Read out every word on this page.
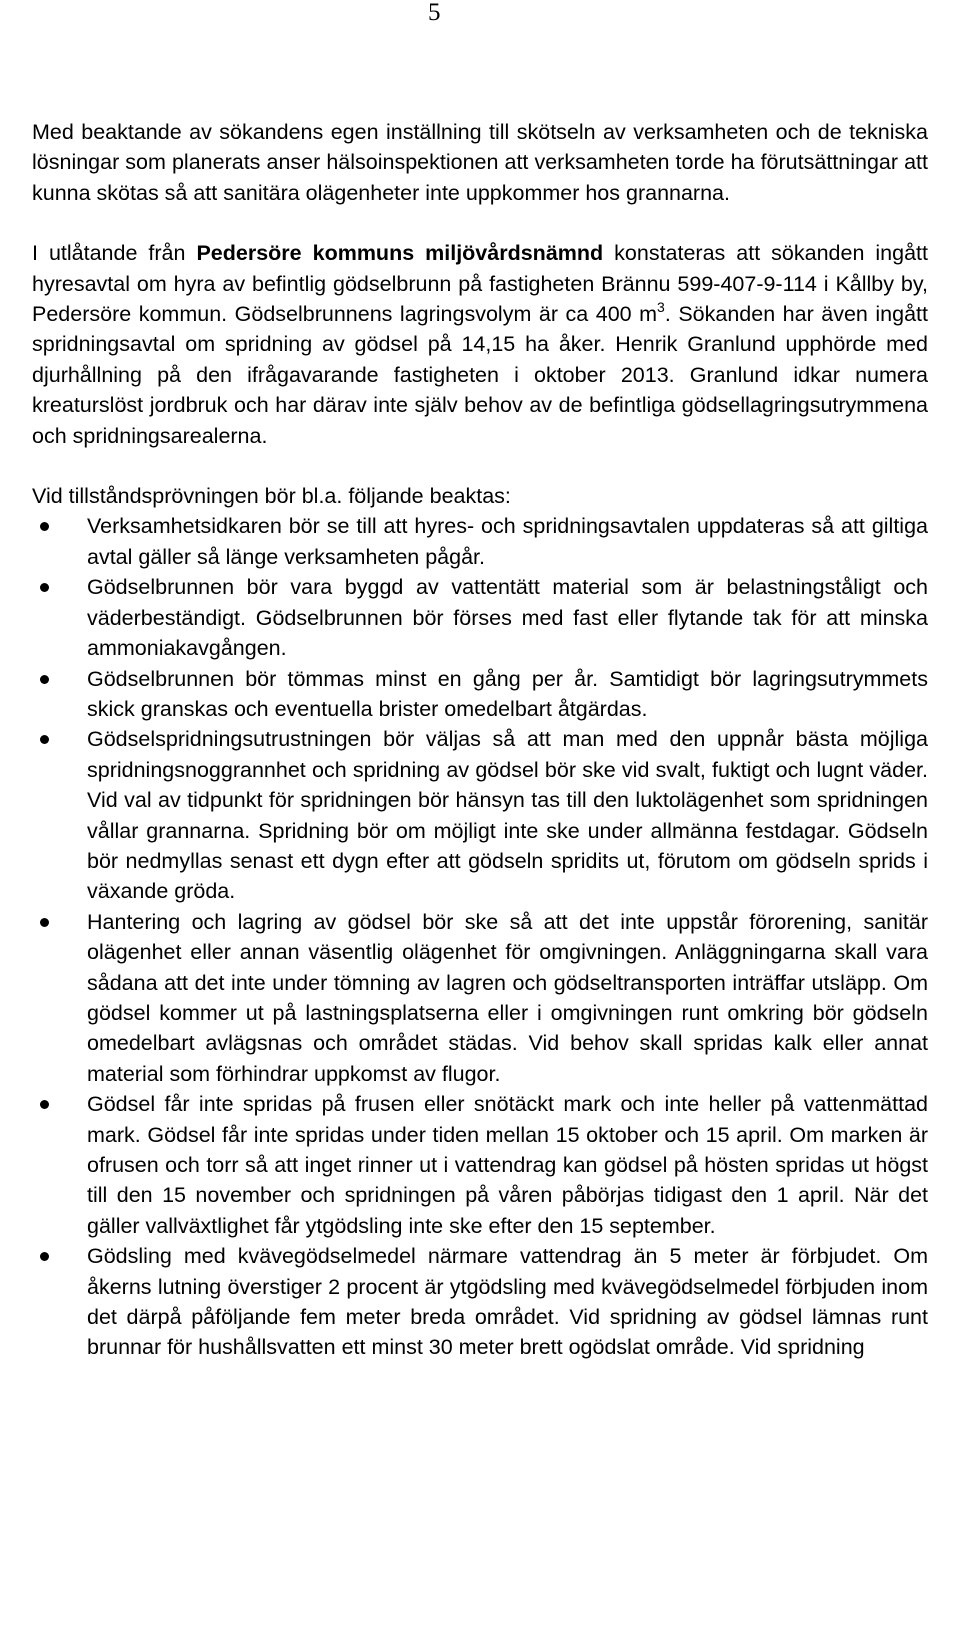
5

Med beaktande av sökandens egen inställning till skötseln av verksamheten och de tekniska lösningar som planerats anser hälsoinspektionen att verksamheten torde ha förutsättningar att kunna skötas så att sanitära olägenheter inte uppkommer hos grannarna.

I utlåtande från Pedersöre kommuns miljövårdsnämnd konstateras att sökanden ingått hyresavtal om hyra av befintlig gödselbrunn på fastigheten Brännu 599-407-9-114 i Kållby by, Pedersöre kommun. Gödselbrunnens lagringsvolym är ca 400 $m^3$. Sökanden har även ingått spridningsavtal om spridning av gödsel på 14,15 ha åker. Henrik Granlund upphörde med djurhållning på den ifrågavarande fastigheten i oktober 2013. Granlund idkar numera kreaturslöst jordbruk och har därav inte själv behov av de befintliga gödsellagringsutrymmena och spridningsarealerna.

Vid tillståndsprövningen bör bl.a. följande beaktas:

Verksamhetsidkaren bör se till att hyres- och spridningsavtalen uppdateras så att giltiga avtal gäller så länge verksamheten pågår.
Gödselbrunnen bör vara byggd av vattentätt material som är belastningståligt och väderbeständigt. Gödselbrunnen bör förses med fast eller flytande tak för att minska ammoniakavgången.
Gödselbrunnen bör tömmas minst en gång per år. Samtidigt bör lagringsutrymmets skick granskas och eventuella brister omedelbart åtgärdas.
Gödselspridningsutrustningen bör väljas så att man med den uppnår bästa möjliga spridningsnoggrannhet och spridning av gödsel bör ske vid svalt, fuktigt och lugnt väder. Vid val av tidpunkt för spridningen bör hänsyn tas till den luktolägenhet som spridningen vållar grannarna. Spridning bör om möjligt inte ske under allmänna festdagar. Gödseln bör nedmyllas senast ett dygn efter att gödseln spridits ut, förutom om gödseln sprids i växande gröda.
Hantering och lagring av gödsel bör ske så att det inte uppstår förorening, sanitär olägenhet eller annan väsentlig olägenhet för omgivningen. Anläggningarna skall vara sådana att det inte under tömning av lagren och gödseltransporten inträffar utsläpp. Om gödsel kommer ut på lastningsplatserna eller i omgivningen runt omkring bör gödseln omedelbart avlägsnas och området städas. Vid behov skall spridas kalk eller annat material som förhindrar uppkomst av flugor.
Gödsel får inte spridas på frusen eller snötäckt mark och inte heller på vattenmättad mark. Gödsel får inte spridas under tiden mellan 15 oktober och 15 april. Om marken är ofrusen och torr så att inget rinner ut i vattendrag kan gödsel på hösten spridas ut högst till den 15 november och spridningen på våren påbörjas tidigast den 1 april. När det gäller vallväxtlighet får ytgödsling inte ske efter den 15 september.
Gödsling med kvävegödselmedel närmare vattendrag än 5 meter är förbjudet. Om åkerns lutning överstiger 2 procent är ytgödsling med kvävegödselmedel förbjuden inom det därpå påföljande fem meter breda området. Vid spridning av gödsel lämnas runt brunnar för hushållsvatten ett minst 30 meter brett ogödslat område. Vid spridning
